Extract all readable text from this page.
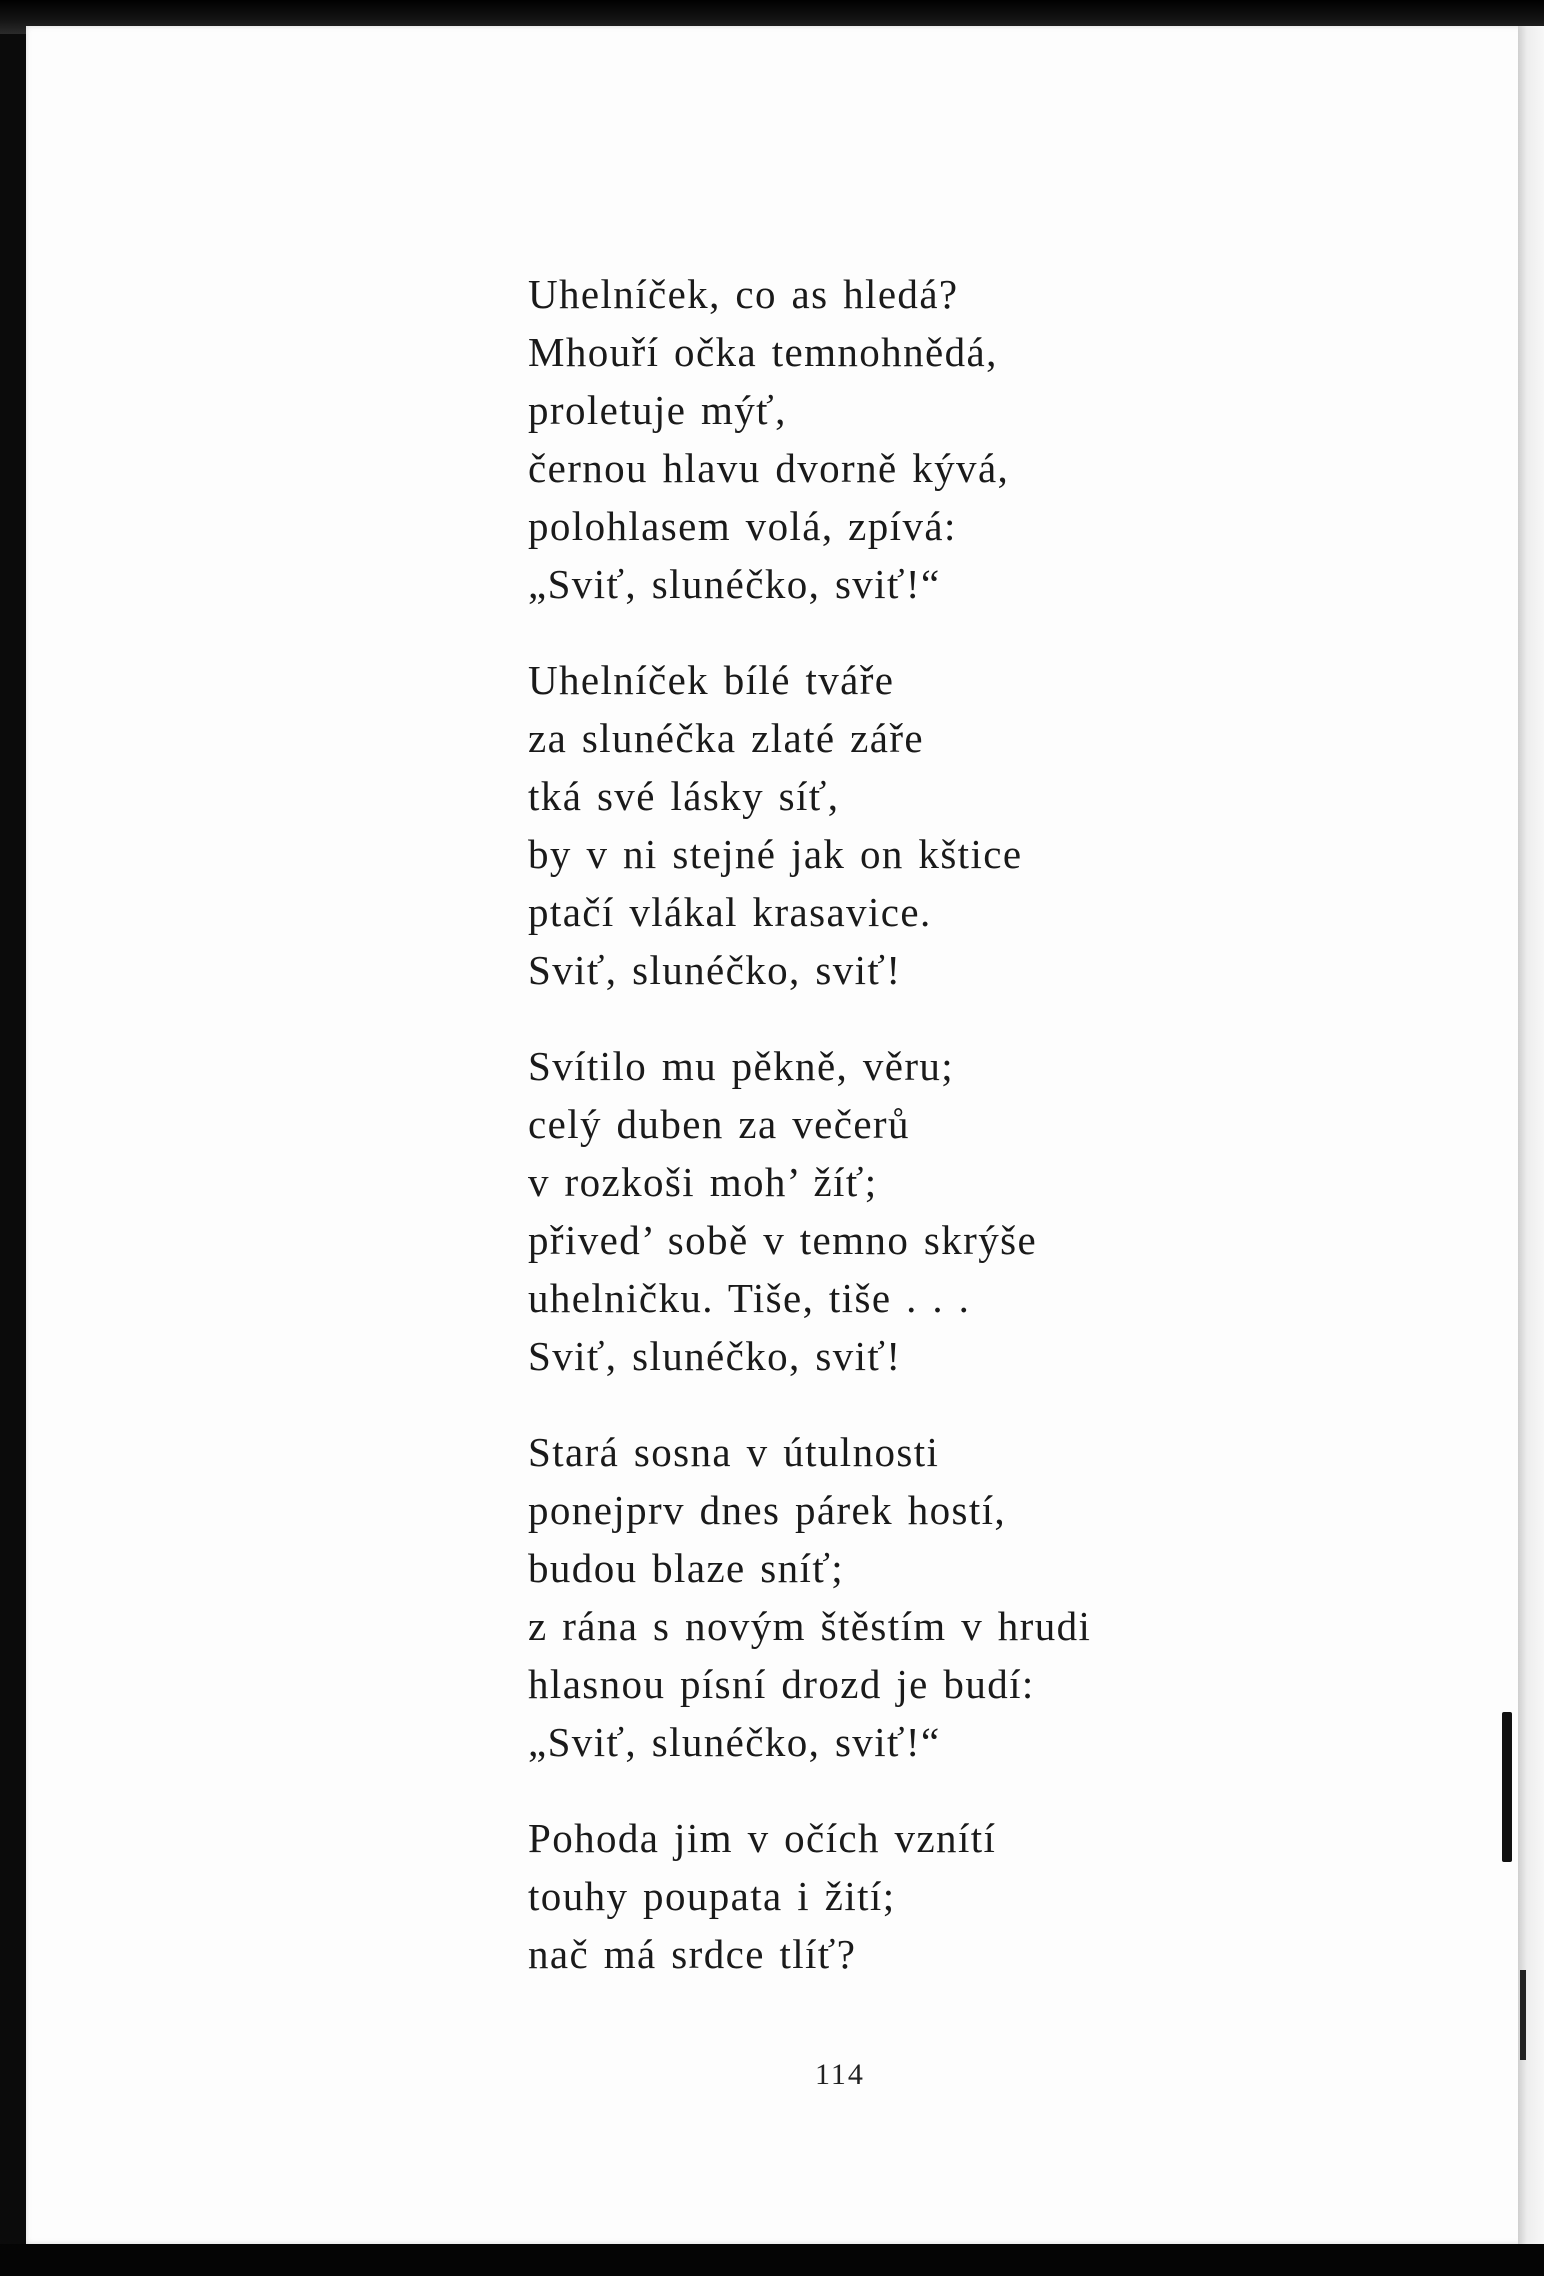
Uhelníček, co as hledá?
Mhouří očka temnohnědá,
proletuje mýť,
černou hlavu dvorně kývá,
polohlasem volá, zpívá:
„Sviť, slunéčko, sviť!“
Uhelníček bílé tváře
za slunéčka zlaté záře
tká své lásky síť,
by v ni stejné jak on kštice
ptačí vlákal krasavice.
Sviť, slunéčko, sviť!
Svítilo mu pěkně, věru;
celý duben za večerů
v rozkoši moh’ žíť;
přived’ sobě v temno skrýše
uhelničku. Tiše, tiše . . .
Sviť, slunéčko, sviť!
Stará sosna v útulnosti
ponejprv dnes párek hostí,
budou blaze sníť;
z rána s novým štěstím v hrudi
hlasnou písní drozd je budí:
„Sviť, slunéčko, sviť!“
Pohoda jim v očích vznítí
touhy poupata i žití;
nač má srdce tlíť?
114
